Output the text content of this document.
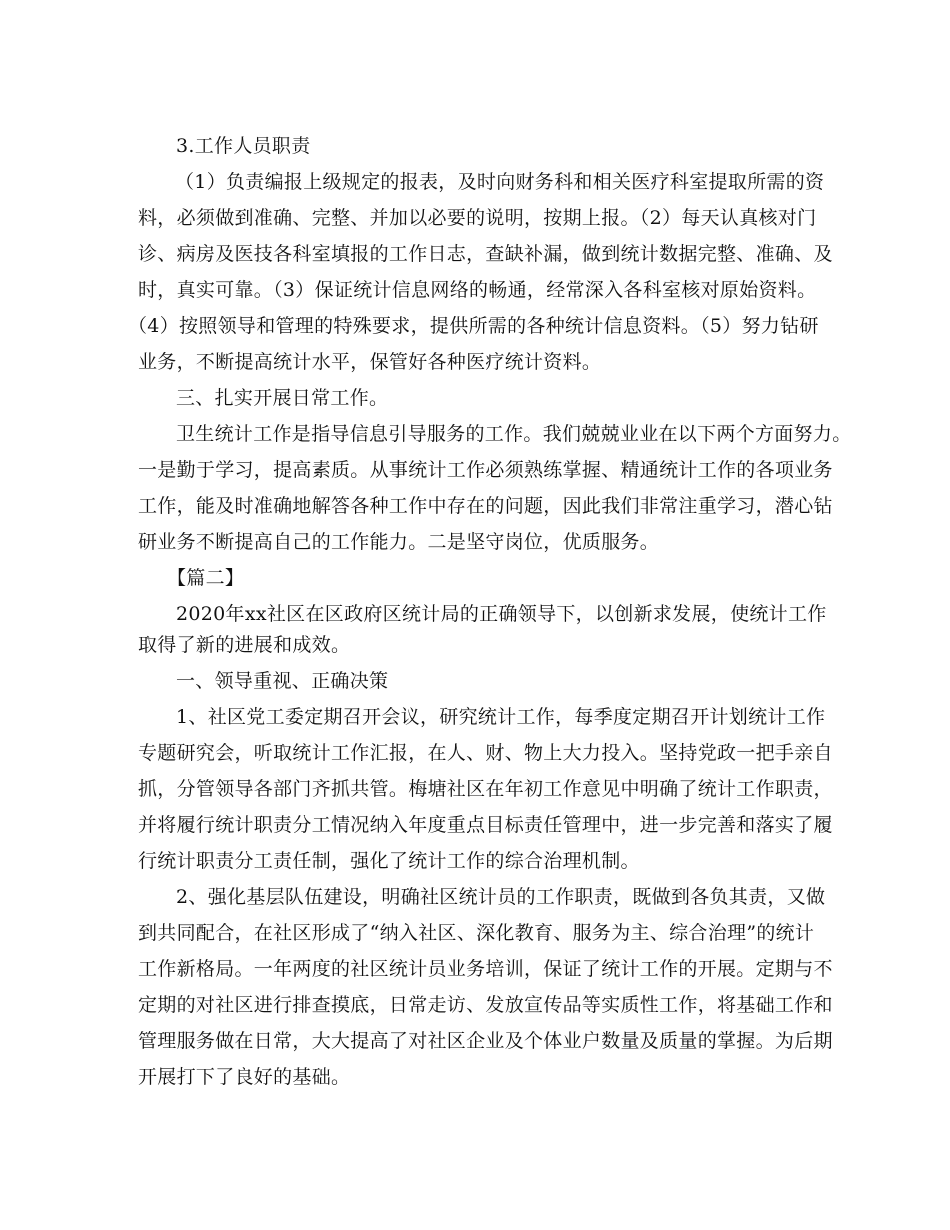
3.工作人员职责
（1）负责编报上级规定的报表，及时向财务科和相关医疗科室提取所需的资
料，必须做到准确、完整、并加以必要的说明，按期上报。（2）每天认真核对门
诊、病房及医技各科室填报的工作日志，查缺补漏，做到统计数据完整、准确、及
时，真实可靠。（3）保证统计信息网络的畅通，经常深入各科室核对原始资料。
（4）按照领导和管理的特殊要求，提供所需的各种统计信息资料。（5）努力钻研
业务，不断提高统计水平，保管好各种医疗统计资料。
三、扎实开展日常工作。
卫生统计工作是指导信息引导服务的工作。我们兢兢业业在以下两个方面努力。
一是勤于学习，提高素质。从事统计工作必须熟练掌握、精通统计工作的各项业务
工作，能及时准确地解答各种工作中存在的问题，因此我们非常注重学习，潜心钻
研业务不断提高自己的工作能力。二是坚守岗位，优质服务。
【篇二】
2020年xx社区在区政府区统计局的正确领导下，以创新求发展，使统计工作
取得了新的进展和成效。
一、领导重视、正确决策
1、社区党工委定期召开会议，研究统计工作，每季度定期召开计划统计工作
专题研究会，听取统计工作汇报，在人、财、物上大力投入。坚持党政一把手亲自
抓，分管领导各部门齐抓共管。梅塘社区在年初工作意见中明确了统计工作职责，
并将履行统计职责分工情况纳入年度重点目标责任管理中，进一步完善和落实了履
行统计职责分工责任制，强化了统计工作的综合治理机制。
2、强化基层队伍建设，明确社区统计员的工作职责，既做到各负其责，又做
到共同配合，在社区形成了“纳入社区、深化教育、服务为主、综合治理”的统计
工作新格局。一年两度的社区统计员业务培训，保证了统计工作的开展。定期与不
定期的对社区进行排查摸底，日常走访、发放宣传品等实质性工作，将基础工作和
管理服务做在日常，大大提高了对社区企业及个体业户数量及质量的掌握。为后期
开展打下了良好的基础。
